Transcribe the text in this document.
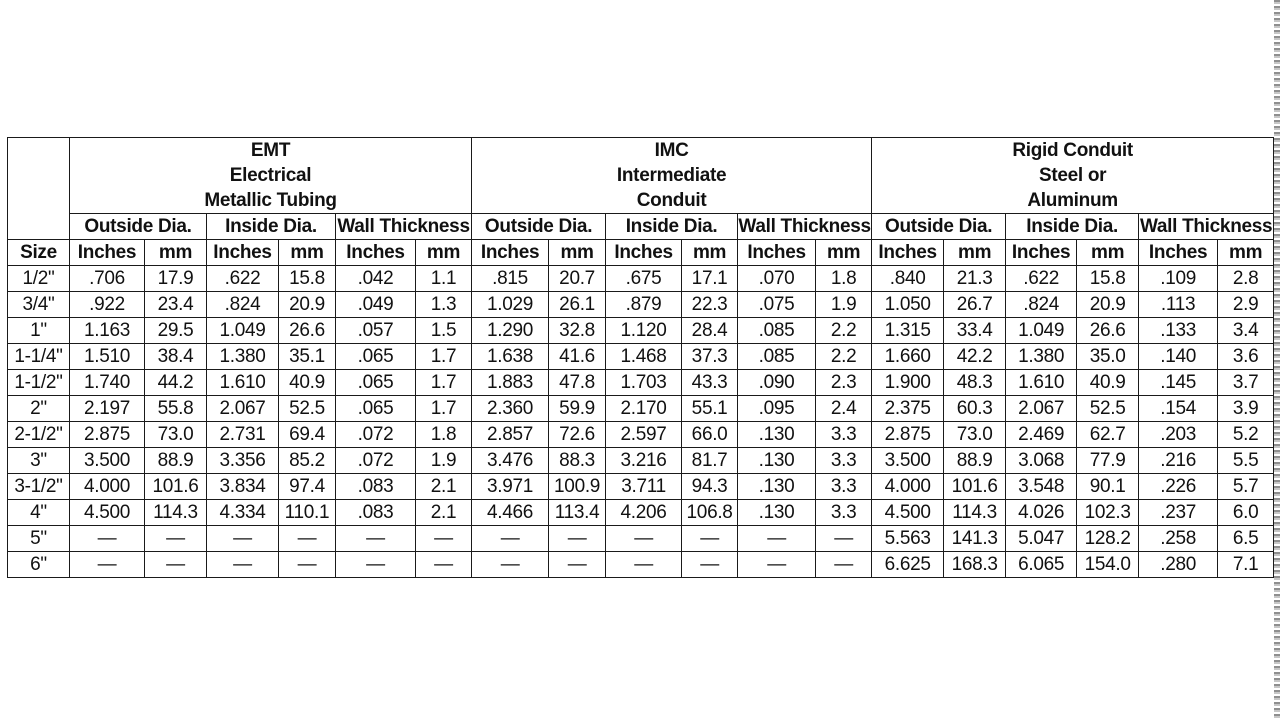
	EMT
Electrical
Metallic Tubing						IMC
Intermediate
Conduit						Rigid Conduit
Steel or
Aluminum					

	Outside Dia.		Inside Dia.		Wall Thickness		Outside Dia.		Inside Dia.		Wall Thickness		Outside Dia.		Inside Dia.		Wall Thickness	
Size	Inches	mm	Inches	mm	Inches	mm	Inches	mm	Inches	mm	Inches	mm	Inches	mm	Inches	mm	Inches	mm
1/2"	.706	17.9	.622	15.8	.042	1.1	.815	20.7	.675	17.1	.070	1.8	.840	21.3	.622	15.8	.109	2.8
3/4"	.922	23.4	.824	20.9	.049	1.3	1.029	26.1	.879	22.3	.075	1.9	1.050	26.7	.824	20.9	.113	2.9
1"	1.163	29.5	1.049	26.6	.057	1.5	1.290	32.8	1.120	28.4	.085	2.2	1.315	33.4	1.049	26.6	.133	3.4
1-1/4"	1.510	38.4	1.380	35.1	.065	1.7	1.638	41.6	1.468	37.3	.085	2.2	1.660	42.2	1.380	35.0	.140	3.6
1-1/2"	1.740	44.2	1.610	40.9	.065	1.7	1.883	47.8	1.703	43.3	.090	2.3	1.900	48.3	1.610	40.9	.145	3.7
2"	2.197	55.8	2.067	52.5	.065	1.7	2.360	59.9	2.170	55.1	.095	2.4	2.375	60.3	2.067	52.5	.154	3.9
2-1/2"	2.875	73.0	2.731	69.4	.072	1.8	2.857	72.6	2.597	66.0	.130	3.3	2.875	73.0	2.469	62.7	.203	5.2
3"	3.500	88.9	3.356	85.2	.072	1.9	3.476	88.3	3.216	81.7	.130	3.3	3.500	88.9	3.068	77.9	.216	5.5
3-1/2"	4.000	101.6	3.834	97.4	.083	2.1	3.971	100.9	3.711	94.3	.130	3.3	4.000	101.6	3.548	90.1	.226	5.7
4"	4.500	114.3	4.334	110.1	.083	2.1	4.466	113.4	4.206	106.8	.130	3.3	4.500	114.3	4.026	102.3	.237	6.0
5"	—	—	—	—	—	—	—	—	—	—	—	—	5.563	141.3	5.047	128.2	.258	6.5
6"	—	—	—	—	—	—	—	—	—	—	—	—	6.625	168.3	6.065	154.0	.280	7.1
